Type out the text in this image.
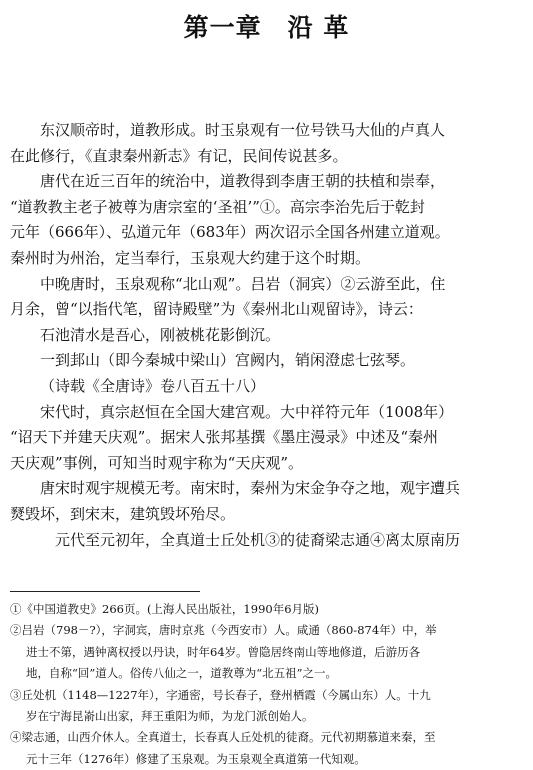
第一章　沿 革
东汉顺帝时，道教形成。时玉泉观有一位号铁马大仙的卢真人
在此修行，《直隶秦州新志》有记，民间传说甚多。
唐代在近三百年的统治中，道教得到李唐王朝的扶植和崇奉，
“道教教主老子被尊为唐宗室的‘圣祖’”①。高宗李治先后于乾封
元年（666年）、弘道元年（683年）两次诏示全国各州建立道观。
秦州时为州治，定当奉行，玉泉观大约建于这个时期。
中晚唐时，玉泉观称“北山观”。吕岩（洞宾）②云游至此，住
月余，曾“以指代笔，留诗殿壁”为《秦州北山观留诗》，诗云：
石池清水是吾心，刚被桃花影倒沉。
一到邽山（即今秦城中梁山）宫阙内，销闲澄虑七弦琴。
（诗载《全唐诗》卷八百五十八）
宋代时，真宗赵恒在全国大建宫观。大中祥符元年（1008年）
“诏天下并建天庆观”。据宋人张邦基撰《墨庄漫录》中述及“秦州
天庆观”事例，可知当时观宇称为“天庆观”。
唐宋时观宇规模无考。南宋时，秦州为宋金争夺之地，观宇遭兵
燹毁坏，到宋末，建筑毁坏殆尽。
元代至元初年，全真道士丘处机③的徒裔梁志通④离太原南历
①《中国道教史》266页。(上海人民出版社，1990年6月版)
②吕岩（798－?），字洞宾，唐时京兆（今西安市）人。咸通（860-874年）中，举
进士不第，遇钟离权授以丹诀，时年64岁。曾隐居终南山等地修道，后游历各
地，自称“回”道人。俗传八仙之一，道教尊为“北五祖”之一。
③丘处机（1148—1227年），字通密，号长春子，登州栖霞（今属山东）人。十九
岁在宁海昆嵛山出家，拜王重阳为师，为龙门派创始人。
④梁志通，山西介休人。全真道士，长春真人丘处机的徒裔。元代初期慕道来秦，至
元十三年（1276年）修建了玉泉观。为玉泉观全真道第一代知观。
